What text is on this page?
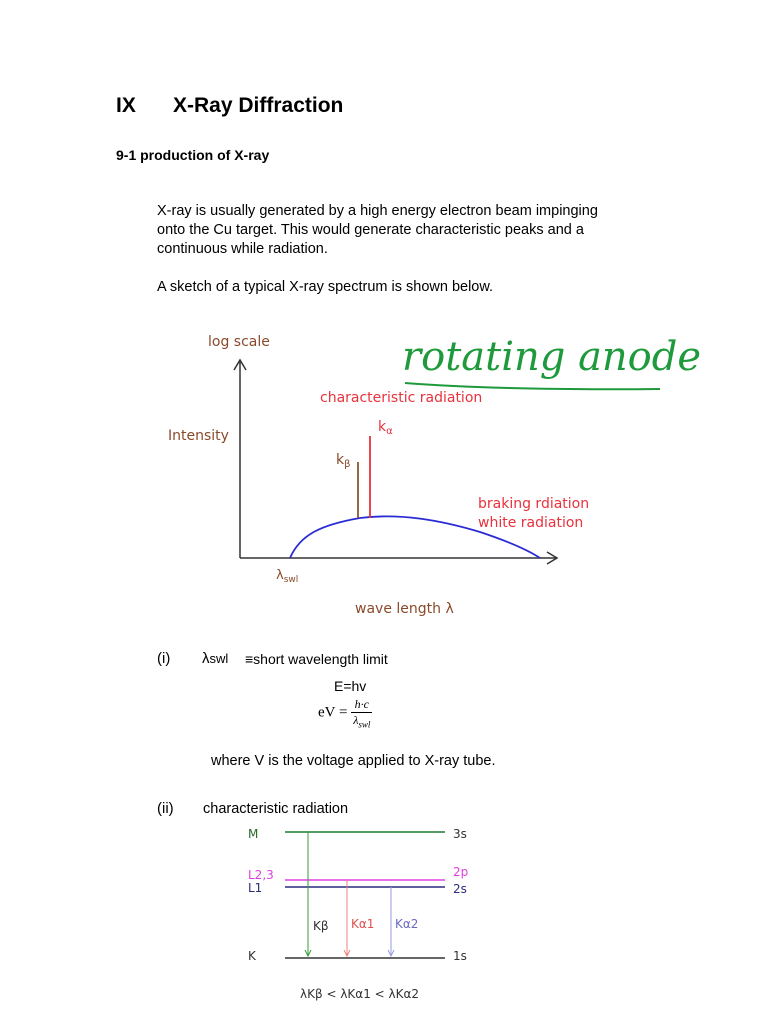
IX X-Ray Diffraction
9-1 production of X-ray
X-ray is usually generated by a high energy electron beam impinging
onto the Cu target. This would generate characteristic peaks and a
continuous while radiation.
A sketch of a typical X-ray spectrum is shown below.
rotating anode
log scale
Intensity
characteristic radiation
$k_\alpha$
$k_\beta$
braking rdiation
white radiation
$\lambda_{swl}$
wave length λ
(i) λswl ≡short wavelength limit
E=hv
eV = $\frac{h\cdot c}{\lambda_{swl}}$
where V is the voltage applied to X-ray tube.
(ii) characteristic radiation
M
L2,3
L1
K
3s
2p
2s
1s
Kβ Kα1 Kα2
λKβ < λKα1 < λKα2
